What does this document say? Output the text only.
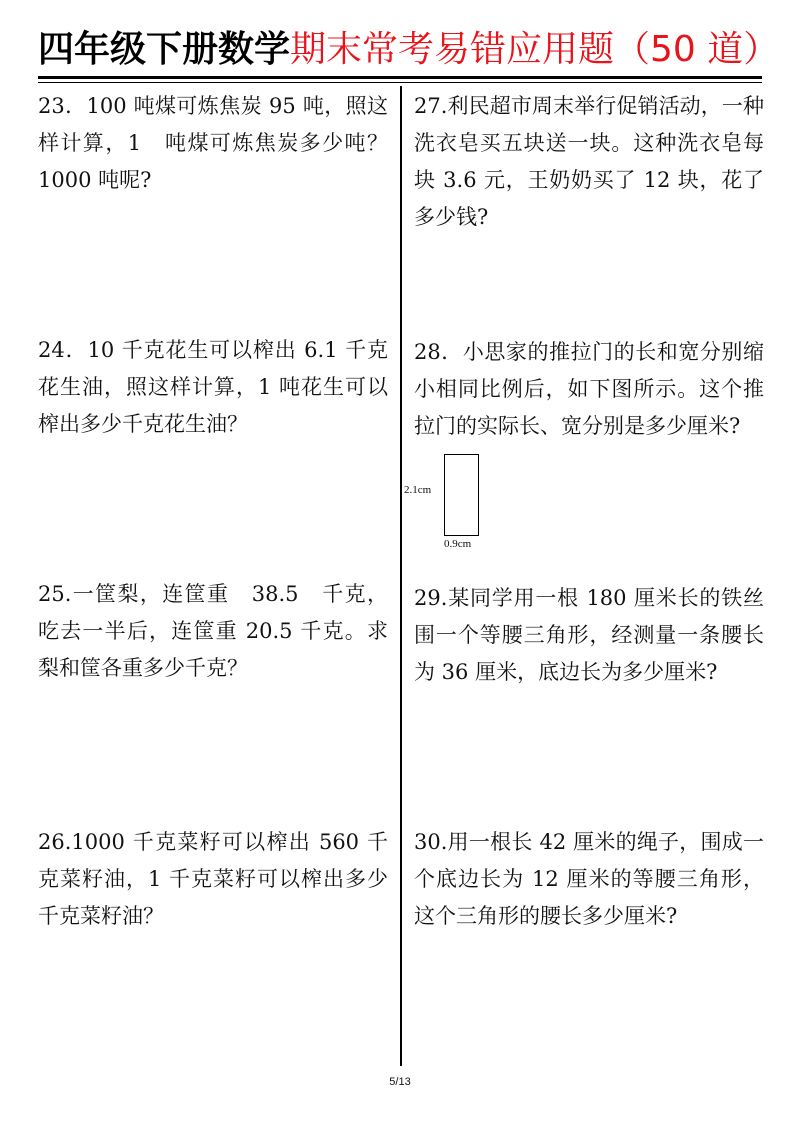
四年级下册数学期末常考易错应用题（50 道）

23．100 吨煤可炼焦炭 95 吨，照这样计算，1　吨煤可炼焦炭多少吨？1000 吨呢?

24．10 千克花生可以榨出 6.1 千克花生油，照这样计算，1 吨花生可以榨出多少千克花生油？

25.一筐梨，连筐重　38.5　千克，吃去一半后，连筐重 20.5 千克。求梨和筐各重多少千克？

26.1000 千克菜籽可以榨出 560 千克菜籽油，1 千克菜籽可以榨出多少千克菜籽油？

27.利民超市周末举行促销活动，一种洗衣皂买五块送一块。这种洗衣皂每块 3.6 元，王奶奶买了 12 块，花了多少钱?

28．小思家的推拉门的长和宽分别缩小相同比例后，如下图所示。这个推拉门的实际长、宽分别是多少厘米?

29.某同学用一根 180 厘米长的铁丝围一个等腰三角形，经测量一条腰长为 36 厘米，底边长为多少厘米?

30.用一根长 42 厘米的绳子，围成一个底边长为 12 厘米的等腰三角形，这个三角形的腰长多少厘米?

2.1cm
0.9cm
5/13
